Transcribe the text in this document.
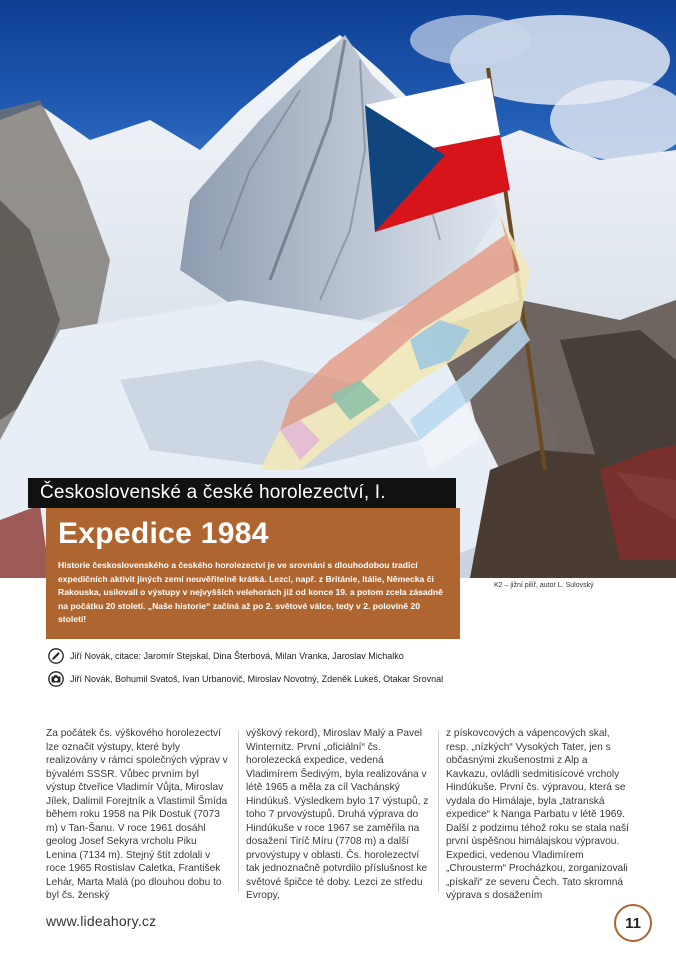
Československé a české horolezectví, I.
Expedice 1984

Historie československého a českého horolezectví je ve srovnání s dlouhodobou tradicí expedičních aktivit jiných zemí neuvěřitelně krátká. Lezci, např. z Británie, Itálie, Německa či Rakouska, usilovali o výstupy v nejvyšších velehorách již od konce 19. a potom zcela zásadně na počátku 20 století. „Naše historie“ začíná až po 2. světové válce, tedy v 2. polovině 20 století!

K2 – jižní pilíř, autor L. Sulovský
Jiří Novák, citace: Jaromír Stejskal, Dina Šterbová, Milan Vranka, Jaroslav Michalko
Jiří Novák, Bohumil Svatoš, Ivan Urbanovič, Miroslav Novotný, Zdeněk Lukeš, Otakar Srovnal

Za počátek čs. výškového horolezectví lze označit výstupy, které byly realizovány v rámci společných výprav v bývalém SSSR. Vůbec prvním byl výstup čtveřice Vladimír Vůjta, Miroslav Jílek, Dalimil Forejtník a Vlastimil Šmída během roku 1958 na Pik Dostuk (7073 m) v Tan-Šanu. V roce 1961 dosáhl geolog Josef Sekyra vrcholu Piku Lenina (7134 m). Stejný štít zdolali v roce 1965 Rostislav Caletka, František Lehár, Marta Malá (po dlouhou dobu to byl čs. ženský

výškový rekord), Miroslav Malý a Pavel Winternitz. První „oficiální“ čs. horolezecká expedice, vedená Vladimírem Šedivým, byla realizována v létě 1965 a měla za cíl Vachánský Hindúkuš. Výsledkem bylo 17 výstupů, z toho 7 prvovýstupů. Druhá výprava do Hindúkuše v roce 1967 se zaměřila na dosažení Tiríč Míru (7708 m) a další prvovýstupy v oblasti. Čs. horolezectví tak jednoznačně potvrdilo příslušnost ke světové špičce té doby. Lezci ze středu Evropy,

z pískovcových a vápencových skal, resp. „nízkých“ Vysokých Tater, jen s občasnými zkušenostmi z Alp a Kavkazu, ovládli sedmitisícové vrcholy Hindúkuše. První čs. výpravou, která se vydala do Himálaje, byla „tatranská expedice“ k Nanga Parbatu v létě 1969. Další z podzimu téhož roku se stala naší první úspěšnou himálajskou výpravou. Expedici, vedenou Vladimírem „Chrousterm“ Procházkou, zorganizovali „pískaři“ ze severu Čech. Tato skromná výprava s dosažením

www.lideahory.cz	11
